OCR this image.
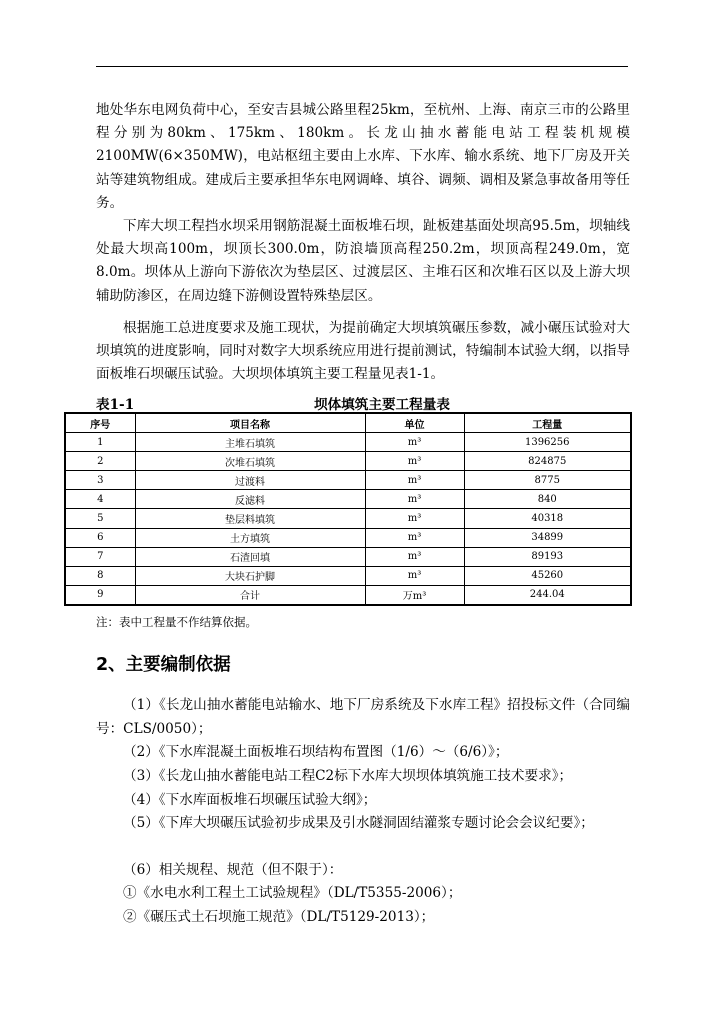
地处华东电网负荷中心，至安吉县城公路里程25km，至杭州、上海、南京三市的公路里程分别为80km、175km、180km。长龙山抽水蓄能电站工程装机规模2100MW(6×350MW)，电站枢纽主要由上水库、下水库、输水系统、地下厂房及开关站等建筑物组成。建成后主要承担华东电网调峰、填谷、调频、调相及紧急事故备用等任务。

下库大坝工程挡水坝采用钢筋混凝土面板堆石坝，趾板建基面处坝高95.5m，坝轴线处最大坝高100m，坝顶长300.0m，防浪墙顶高程250.2m，坝顶高程249.0m，宽8.0m。坝体从上游向下游依次为垫层区、过渡层区、主堆石区和次堆石区以及上游大坝辅助防渗区，在周边缝下游侧设置特殊垫层区。

根据施工总进度要求及施工现状，为提前确定大坝填筑碾压参数，减小碾压试验对大坝填筑的进度影响，同时对数字大坝系统应用进行提前测试，特编制本试验大纲，以指导面板堆石坝碾压试验。大坝坝体填筑主要工程量见表1-1。

表1-1	坝体填筑主要工程量表
序号	项目名称	单位	工程量
1	主堆石填筑	m³	1396256
2	次堆石填筑	m³	824875
3	过渡料	m³	8775
4	反滤料	m³	840
5	垫层料填筑	m³	40318
6	土方填筑	m³	34899
7	石渣回填	m³	89193
8	大块石护脚	m³	45260
9	合计	万m³	244.04
注：表中工程量不作结算依据。
2、主要编制依据

（1）《长龙山抽水蓄能电站输水、地下厂房系统及下水库工程》招投标文件（合同编号：CLS/0050）；

（2）《下水库混凝土面板堆石坝结构布置图（1/6）～（6/6）》；
（3）《长龙山抽水蓄能电站工程C2标下水库大坝坝体填筑施工技术要求》；
（4）《下水库面板堆石坝碾压试验大纲》；

（5）《下库大坝碾压试验初步成果及引水隧洞固结灌浆专题讨论会会议纪要》；

（6）相关规程、规范（但不限于）：
①《水电水利工程土工试验规程》（DL/T5355-2006）；
②《碾压式土石坝施工规范》（DL/T5129-2013）；
